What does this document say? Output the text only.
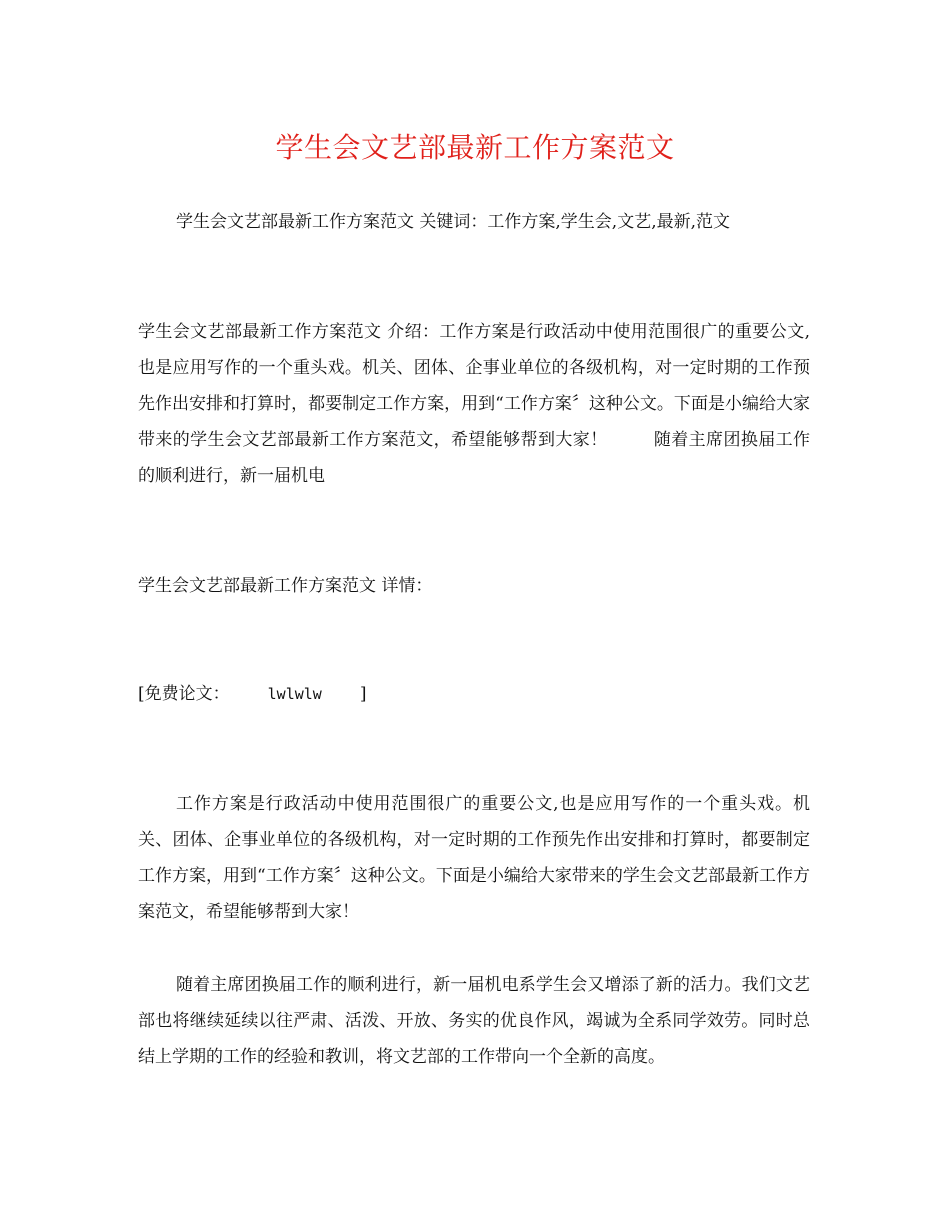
学生会文艺部最新工作方案范文

学生会文艺部最新工作方案范文 关键词：工作方案,学生会,文艺,最新,范文

学生会文艺部最新工作方案范文 介绍：工作方案是行政活动中使用范围很广的重要公文,也是应用写作的一个重头戏。机关、团体、企事业单位的各级机构，对一定时期的工作预先作出安排和打算时，都要制定工作方案，用到“工作方案〞这种公文。下面是小编给大家带来的学生会文艺部最新工作方案范文，希望能够帮到大家！	随着主席团换届工作的顺利进行，新一届机电

学生会文艺部最新工作方案范文 详情：

[免费论文：	lwlwlw ]

工作方案是行政活动中使用范围很广的重要公文,也是应用写作的一个重头戏。机关、团体、企事业单位的各级机构，对一定时期的工作预先作出安排和打算时，都要制定工作方案，用到“工作方案〞这种公文。下面是小编给大家带来的学生会文艺部最新工作方案范文，希望能够帮到大家！

随着主席团换届工作的顺利进行，新一届机电系学生会又增添了新的活力。我们文艺部也将继续延续以往严肃、活泼、开放、务实的优良作风，竭诚为全系同学效劳。同时总结上学期的工作的经验和教训，将文艺部的工作带向一个全新的高度。
